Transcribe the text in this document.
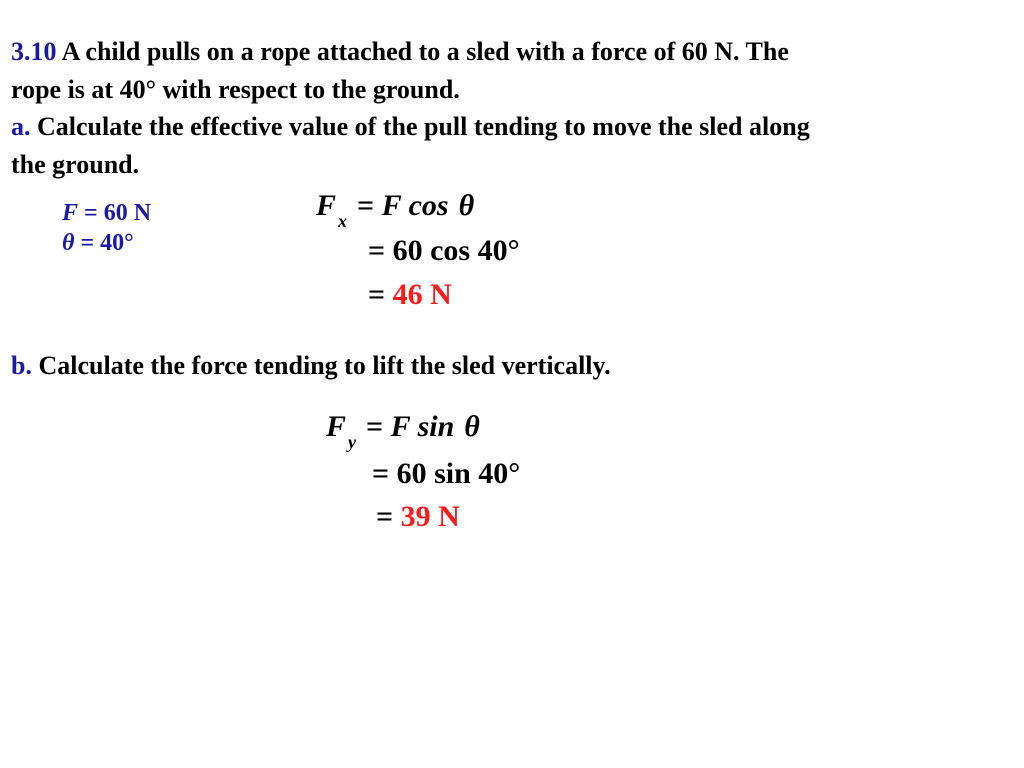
3.10 A child pulls on a rope attached to a sled with a force of 60 N. The
rope is at 40° with respect to the ground.
a. Calculate the effective value of the pull tending to move the sled along
the ground.
F = 60 N
θ = 40°
F $_x$ = F cos θ
= 60 cos 40°
= 46 N
b. Calculate the force tending to lift the sled vertically.
F $_y$ = F sin θ
= 60 sin 40°
= 39 N
